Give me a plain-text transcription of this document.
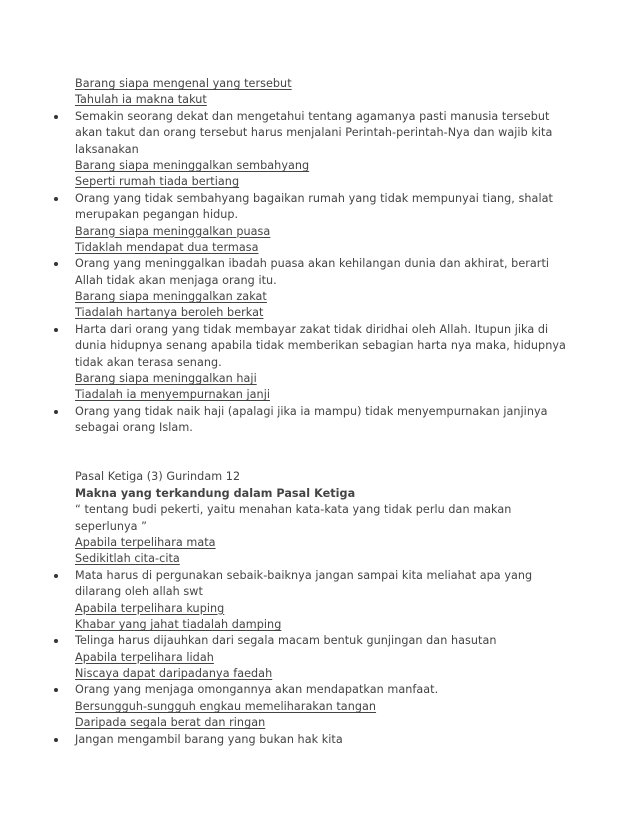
Barang siapa mengenal yang tersebut
Tahulah ia makna takut
Semakin seorang dekat dan mengetahui tentang agamanya pasti manusia tersebut
akan takut dan orang tersebut harus menjalani Perintah-perintah-Nya dan wajib kita
laksanakan
Barang siapa meninggalkan sembahyang
Seperti rumah tiada bertiang
Orang yang tidak sembahyang bagaikan rumah yang tidak mempunyai tiang, shalat
merupakan pegangan hidup.
Barang siapa meninggalkan puasa
Tidaklah mendapat dua termasa
Orang yang meninggalkan ibadah puasa akan kehilangan dunia dan akhirat, berarti
Allah tidak akan menjaga orang itu.
Barang siapa meninggalkan zakat
Tiadalah hartanya beroleh berkat
Harta dari orang yang tidak membayar zakat tidak diridhai oleh Allah. Itupun jika di
dunia hidupnya senang apabila tidak memberikan sebagian harta nya maka, hidupnya
tidak akan terasa senang.
Barang siapa meninggalkan haji
Tiadalah ia menyempurnakan janji
Orang yang tidak naik haji (apalagi jika ia mampu) tidak menyempurnakan janjinya
sebagai orang Islam.
Pasal Ketiga (3) Gurindam 12
Makna yang terkandung dalam Pasal Ketiga
“ tentang budi pekerti, yaitu menahan kata-kata yang tidak perlu dan makan
seperlunya ”
Apabila terpelihara mata
Sedikitlah cita-cita
Mata harus di pergunakan sebaik-baiknya jangan sampai kita meliahat apa yang
dilarang oleh allah swt
Apabila terpelihara kuping
Khabar yang jahat tiadalah damping
Telinga harus dijauhkan dari segala macam bentuk gunjingan dan hasutan
Apabila terpelihara lidah
Niscaya dapat daripadanya faedah
Orang yang menjaga omongannya akan mendapatkan manfaat.
Bersungguh-sungguh engkau memeliharakan tangan
Daripada segala berat dan ringan
Jangan mengambil barang yang bukan hak kita
